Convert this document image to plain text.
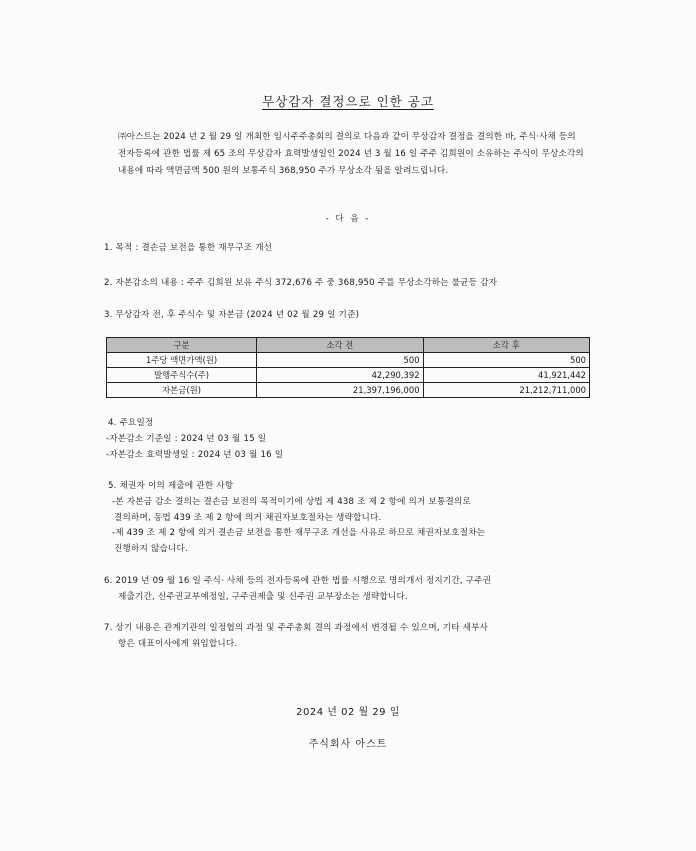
무상감자 결정으로 인한 공고
㈜아스트는 2024 년 2 월 29 일 개최한 임시주주총회의 결의로 다음과 같이 무상감자 결정을 결의한 바, 주식·사채 등의 전자등록에 관한 법률 제 65 조의 무상감자 효력발생일인 2024 년 3 월 16 일 주주 김희원이 소유하는 주식이 무상소각의 내용에 따라 액면금액 500 원의 보통주식 368,950 주가 무상소각 됨을 알려드립니다.
- 다 음 -
1. 목적 : 결손금 보전을 통한 재무구조 개선
2. 자본감소의 내용 : 주주 김희원 보유 주식 372,676 주 중 368,950 주를 무상소각하는 불균등 감자
3. 무상감자 전, 후 주식수 및 자본금 (2024 년 02 월 29 일 기준)
구분	소각 전	소각 후
1주당 액면가액(원)	500	500
발행주식수(주)	42,290,392	41,921,442
자본금(원)	21,397,196,000	21,212,711,000
4. 주요일정
-자본감소 기준일 : 2024 년 03 월 15 일
-자본감소 효력발생일 : 2024 년 03 월 16 일
5. 채권자 이의 제출에 관한 사항
-본 자본금 감소 결의는 결손금 보전의 목적이기에 상법 제 438 조 제 2 항에 의거 보통결의로
결의하며, 동법 439 조 제 2 항에 의거 채권자보호절차는 생략합니다.
-제 439 조 제 2 항에 의거 결손금 보전을 통한 재무구조 개선을 사유로 하므로 채권자보호절차는
진행하지 않습니다.
6. 2019 년 09 월 16 일 주식· 사채 등의 전자등록에 관한 법률 시행으로 명의개서 정지기간, 구주권
제출기간, 신주권교부예정일, 구주권제출 및 신주권 교부장소는 생략합니다.
7. 상기 내용은 관계기관의 일정협의 과정 및 주주총회 결의 과정에서 변경될 수 있으며, 기타 세부사
항은 대표이사에게 위임합니다.
2024 년 02 월 29 일
주식회사 아스트
